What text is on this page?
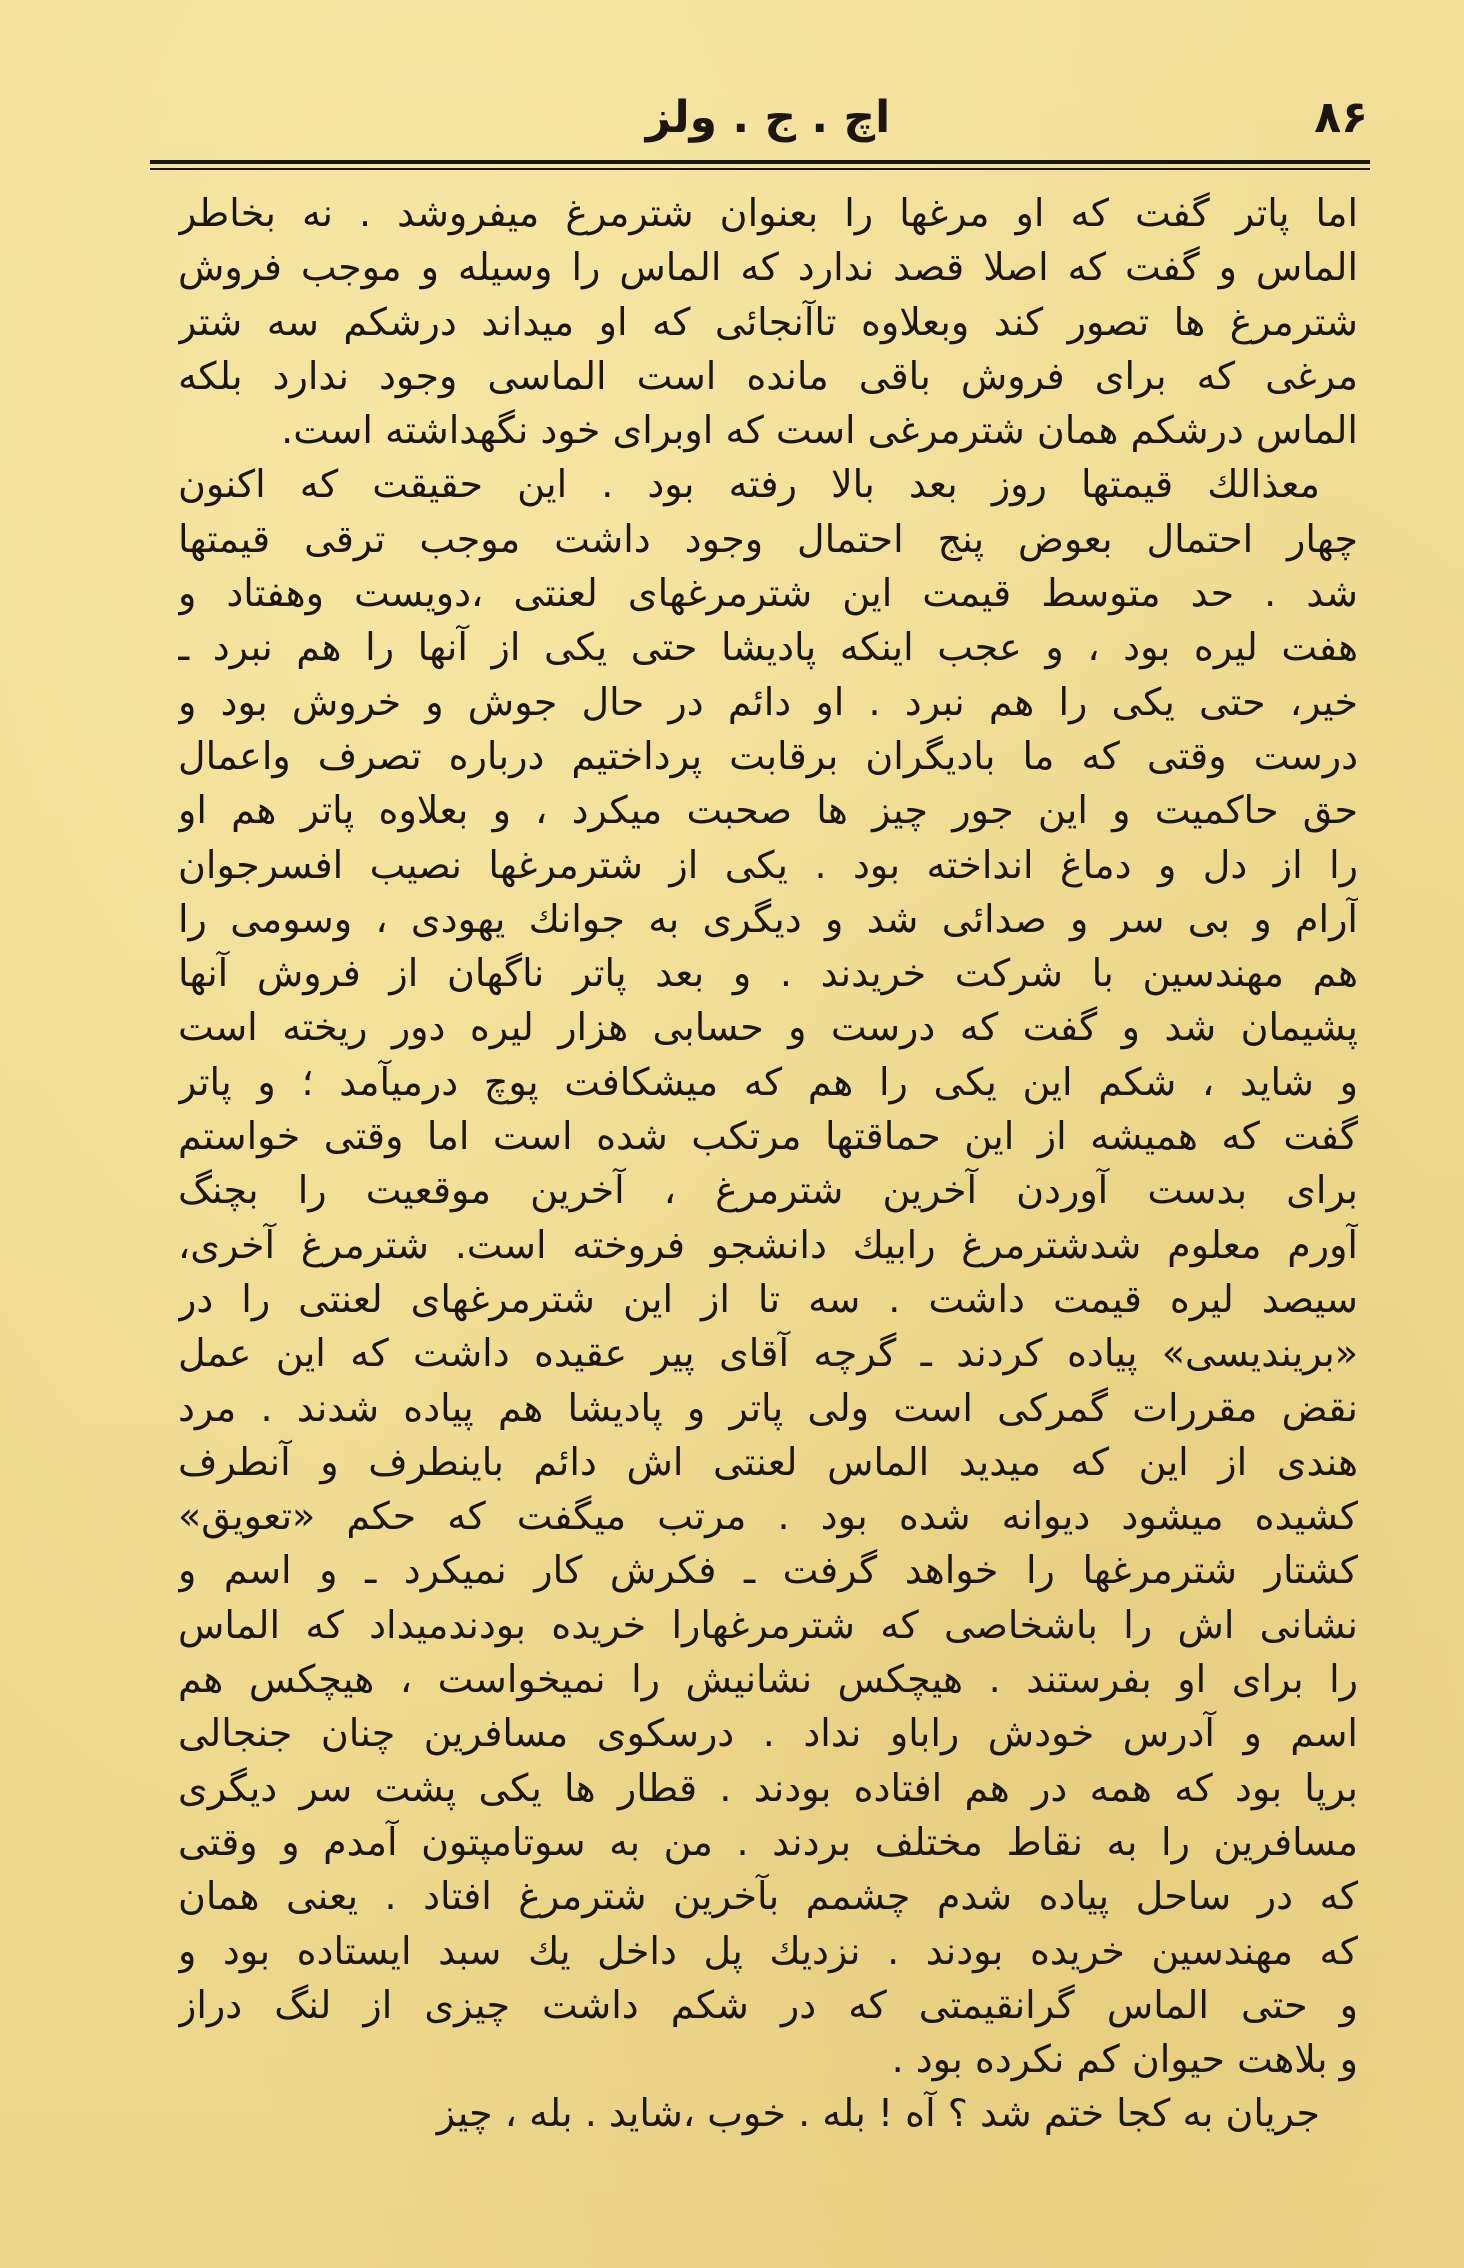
۸۶
اچ . ج . ولز
اما پاتر گفت که او مرغها را بعنوان شترمرغ میفروشد . نه بخاطر
الماس و گفت که اصلا قصد ندارد که الماس را وسیله و موجب فروش
شترمرغ ها تصور کند وبعلاوه تاآنجائی که او میداند درشکم سه شتر
مرغی که برای فروش باقی مانده است الماسی وجود ندارد بلکه
الماس درشکم همان شترمرغی است که اوبرای خود نگهداشته است.
معذالك قیمتها روز بعد بالا رفته بود . این حقیقت که اکنون
چهار احتمال بعوض پنج احتمال وجود داشت موجب ترقی قیمتها
شد . حد متوسط قیمت این شترمرغهای لعنتی ،دویست وهفتاد و
هفت لیره بود ، و عجب اینکه پادیشا حتی یکی از آنها را هم نبرد ـ
خیر، حتی یکی را هم نبرد . او دائم در حال جوش و خروش بود و
درست وقتی که ما بادیگران برقابت پرداختیم درباره تصرف واعمال
حق حاکمیت و این جور چیز ها صحبت میکرد ، و بعلاوه پاتر هم او
را از دل و دماغ انداخته بود . یکی از شترمرغها نصیب افسرجوان
آرام و بی سر و صدائی شد و دیگری به جوانك یهودی ، وسومی را
هم مهندسین با شرکت خریدند . و بعد پاتر ناگهان از فروش آنها
پشیمان شد و گفت که درست و حسابی هزار لیره دور ریخته است
و شاید ، شکم این یکی را هم که میشکافت پوچ درمیآمد ؛ و پاتر
گفت که همیشه از این حماقتها مرتکب شده است اما وقتی خواستم
برای بدست آوردن آخرین شترمرغ ، آخرین موقعیت را بچنگ
آورم معلوم شدشترمرغ رابیك دانشجو فروخته است. شترمرغ آخری،
سیصد لیره قیمت داشت . سه تا از این شترمرغهای لعنتی را در
«بریندیسی» پیاده کردند ـ گرچه آقای پیر عقیده داشت که این عمل
نقض مقررات گمرکی است ولی پاتر و پادیشا هم پیاده شدند . مرد
هندی از این که میدید الماس لعنتی اش دائم باینطرف و آنطرف
کشیده میشود دیوانه شده بود . مرتب میگفت که حکم «تعویق»
کشتار شترمرغها را خواهد گرفت ـ فکرش کار نمیکرد ـ و اسم و
نشانی اش را باشخاصی که شترمرغهارا خریده بودندمیداد که الماس
را برای او بفرستند . هیچکس نشانیش را نمیخواست ، هیچکس هم
اسم و آدرس خودش راباو نداد . درسکوی مسافرین چنان جنجالی
برپا بود که همه در هم افتاده بودند . قطار ها یکی پشت سر دیگری
مسافرین را به نقاط مختلف بردند . من به سوتامپتون آمدم و وقتی
که در ساحل پیاده شدم چشمم بآخرین شترمرغ افتاد . یعنی همان
که مهندسین خریده بودند . نزدیك پل داخل یك سبد ایستاده بود و
و حتی الماس گرانقیمتی که در شکم داشت چیزی از لنگ دراز
و بلاهت حیوان کم نکرده بود .
جریان به کجا ختم شد ؟ آه ! بله . خوب ،شاید . بله ، چیز
